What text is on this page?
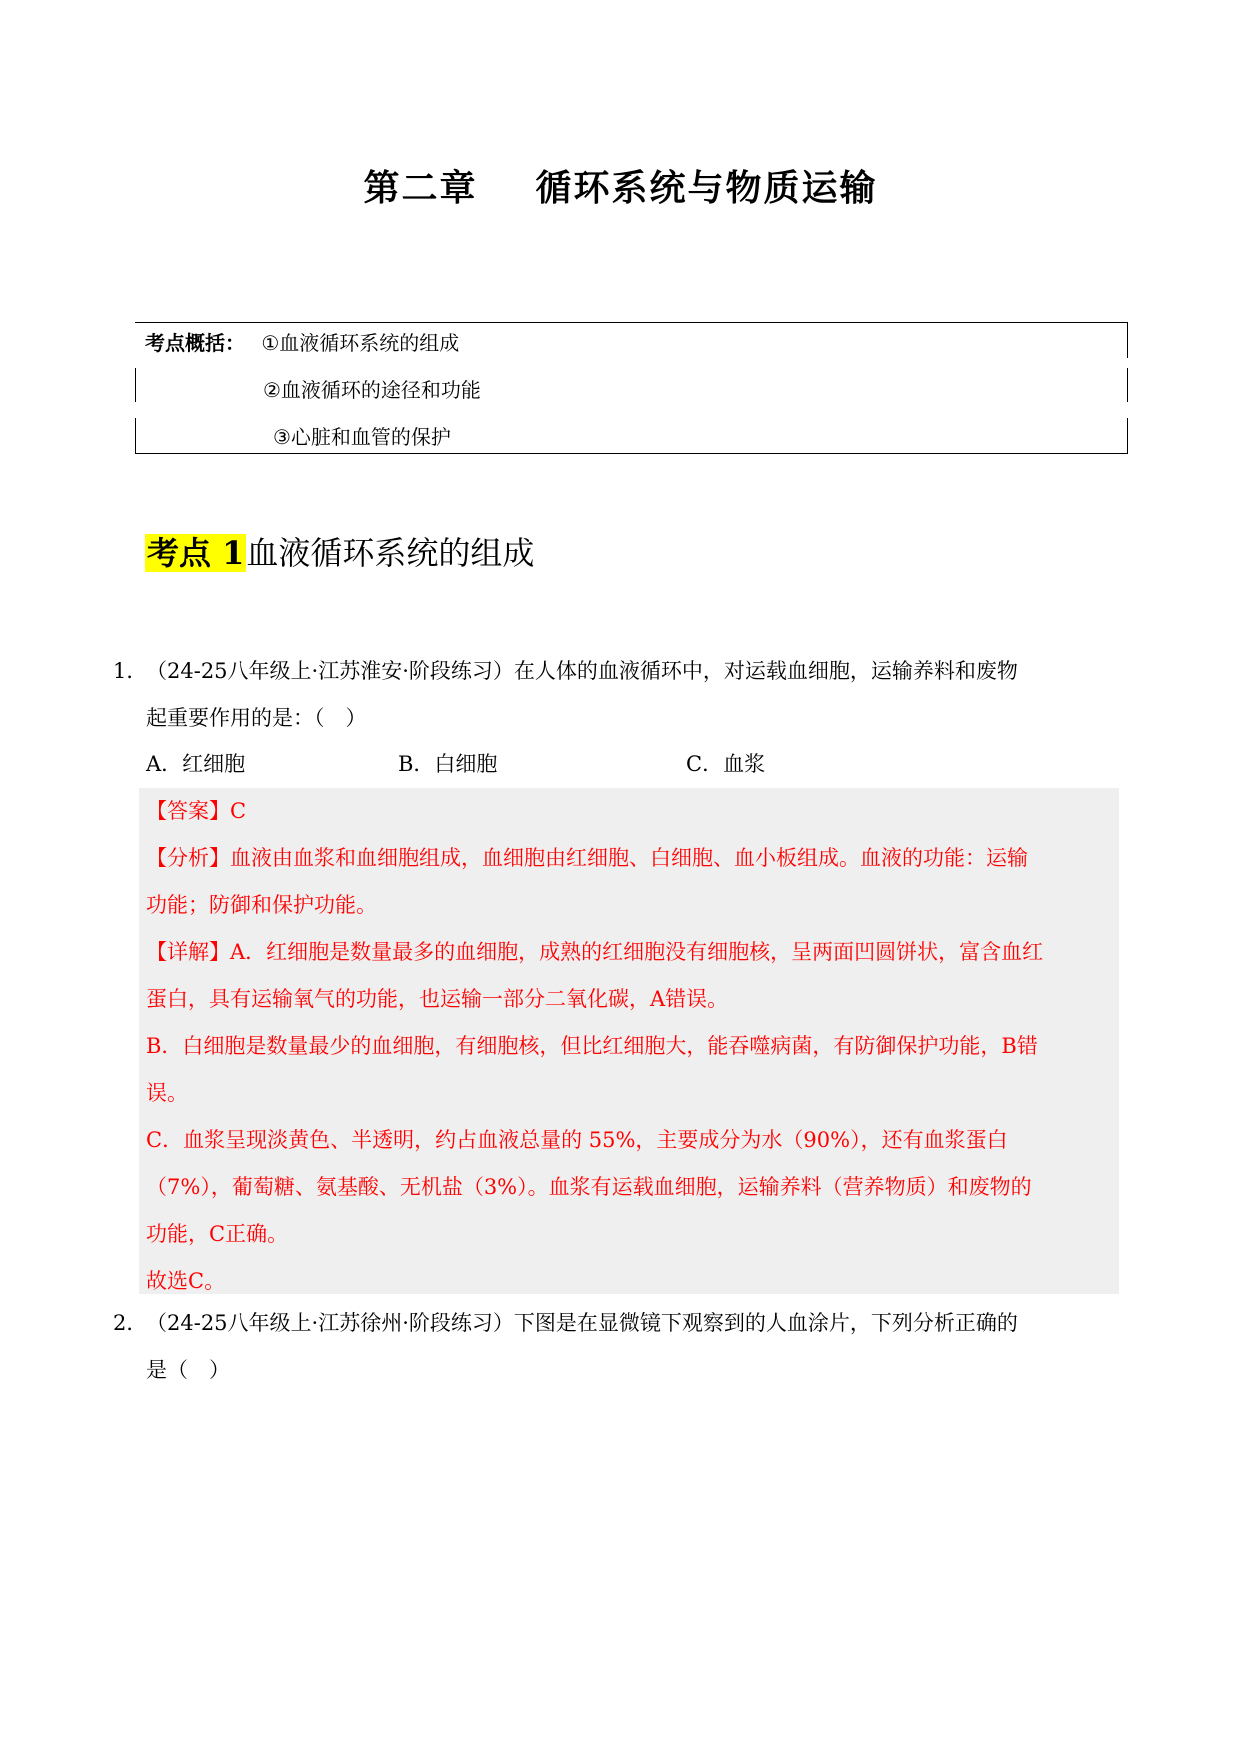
第二章 循环系统与物质运输
考点概括： ①血液循环系统的组成
②血液循环的途径和功能
③心脏和血管的保护
考点 1血液循环系统的组成
1．（24-25八年级上·江苏淮安·阶段练习）在人体的血液循环中，对运载血细胞，运输养料和废物
起重要作用的是：（　）
A．红细胞	B．白细胞	C．血浆

【答案】C

【分析】血液由血浆和血细胞组成，血细胞由红细胞、白细胞、血小板组成。血液的功能：运输

功能；防御和保护功能。

【详解】A．红细胞是数量最多的血细胞，成熟的红细胞没有细胞核，呈两面凹圆饼状，富含血红

蛋白，具有运输氧气的功能，也运输一部分二氧化碳，A错误。

B．白细胞是数量最少的血细胞，有细胞核，但比红细胞大，能吞噬病菌，有防御保护功能，B错

误。

C．血浆呈现淡黄色、半透明，约占血液总量的 55%，主要成分为水（90%），还有血浆蛋白

（7%），葡萄糖、氨基酸、无机盐（3%）。血浆有运载血细胞，运输养料（营养物质）和废物的

功能，C正确。

故选C。

2．（24-25八年级上·江苏徐州·阶段练习）下图是在显微镜下观察到的人血涂片，下列分析正确的
是（　）
